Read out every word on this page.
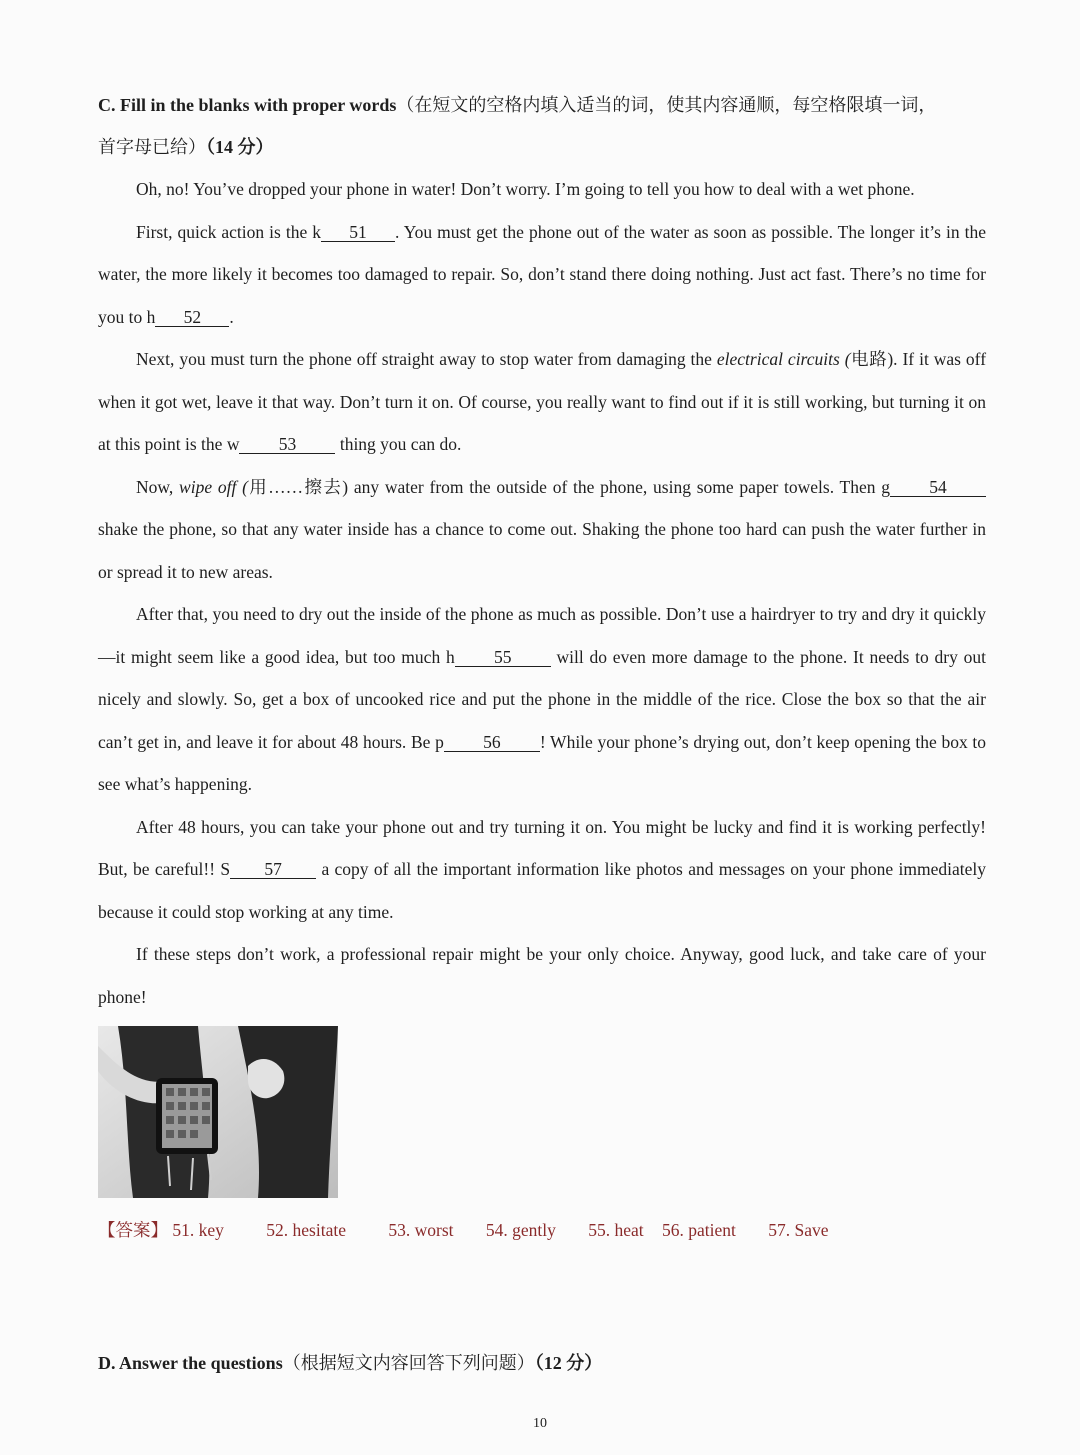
C. Fill in the blanks with proper words（在短文的空格内填入适当的词，使其内容通顺，每空格限填一词，
首字母已给）（14 分）

Oh, no! You’ve dropped your phone in water! Don’t worry. I’m going to tell you how to deal with a wet phone.

First, quick action is the k 51 . You must get the phone out of the water as soon as possible. The longer it’s in the water, the more likely it becomes too damaged to repair. So, don’t stand there doing nothing. Just act fast. There’s no time for you to h 52 .

Next, you must turn the phone off straight away to stop water from damaging the electrical circuits (电路). If it was off when it got wet, leave it that way. Don’t turn it on. Of course, you really want to find out if it is still working, but turning it on at this point is the w 53 thing you can do.

Now, wipe off (用……擦去) any water from the outside of the phone, using some paper towels. Then g 54 shake the phone, so that any water inside has a chance to come out. Shaking the phone too hard can push the water further in or spread it to new areas.

After that, you need to dry out the inside of the phone as much as possible. Don’t use a hairdryer to try and dry it quickly—it might seem like a good idea, but too much h 55 will do even more damage to the phone. It needs to dry out nicely and slowly. So, get a box of uncooked rice and put the phone in the middle of the rice. Close the box so that the air can’t get in, and leave it for about 48 hours. Be p 56 ! While your phone’s drying out, don’t keep opening the box to see what’s happening.

After 48 hours, you can take your phone out and try turning it on. You might be lucky and find it is working perfectly! But, be careful!! S 57 a copy of all the important information like photos and messages on your phone immediately because it could stop working at any time.

If these steps don’t work, a professional repair might be your only choice. Anyway, good luck, and take care of your phone!

【答案】 51. key 52. hesitate 53. worst 54. gently 55. heat 56. patient 57. Save
D. Answer the questions（根据短文内容回答下列问题）（12 分）
10
